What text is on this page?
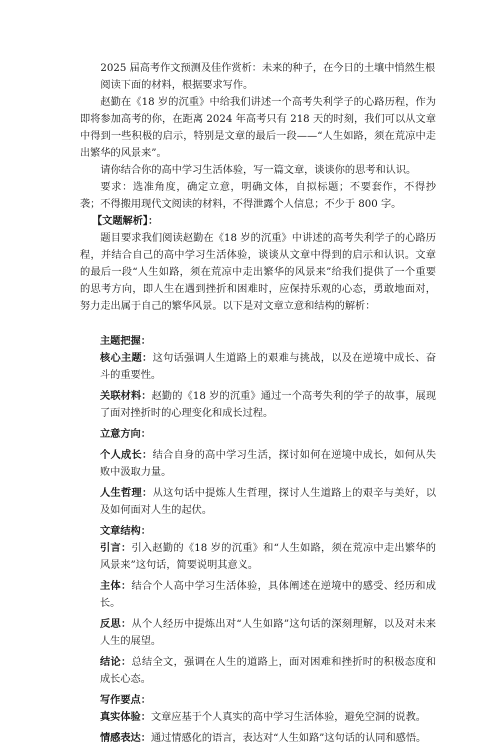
2025 届高考作文预测及佳作赏析：未来的种子，在今日的土壤中悄然生根

阅读下面的材料，根据要求写作。

赵勤在《18 岁的沉重》中给我们讲述一个高考失利学子的心路历程，作为即将参加高考的你，在距离 2024 年高考只有 218 天的时刻，我们可以从文章中得到一些积极的启示，特别是文章的最后一段——“人生如路，须在荒凉中走出繁华的风景来”。

请你结合你的高中学习生活体验，写一篇文章，谈谈你的思考和认识。

要求：选准角度，确定立意，明确文体，自拟标题；不要套作，不得抄袭；不得搬用现代文阅读的材料，不得泄露个人信息；不少于 800 字。

【文题解析】：

题目要求我们阅读赵勤在《18 岁的沉重》中讲述的高考失利学子的心路历程，并结合自己的高中学习生活体验，谈谈从文章中得到的启示和认识。文章的最后一段“人生如路，须在荒凉中走出繁华的风景来”给我们提供了一个重要的思考方向，即人生在遇到挫折和困难时，应保持乐观的心态，勇敢地面对，努力走出属于自己的繁华风景。以下是对文章立意和结构的解析：

主题把握：

核心主题：这句话强调人生道路上的艰难与挑战，以及在逆境中成长、奋斗的重要性。

关联材料：赵勤的《18 岁的沉重》通过一个高考失利的学子的故事，展现了面对挫折时的心理变化和成长过程。

立意方向：

个人成长：结合自身的高中学习生活，探讨如何在逆境中成长，如何从失败中汲取力量。

人生哲理：从这句话中提炼人生哲理，探讨人生道路上的艰辛与美好，以及如何面对人生的起伏。

文章结构：

引言：引入赵勤的《18 岁的沉重》和“人生如路，须在荒凉中走出繁华的风景来”这句话，简要说明其意义。

主体：结合个人高中学习生活体验，具体阐述在逆境中的感受、经历和成长。

反思：从个人经历中提炼出对“人生如路”这句话的深刻理解，以及对未来人生的展望。

结论：总结全文，强调在人生的道路上，面对困难和挫折时的积极态度和成长心态。

写作要点：

真实体验：文章应基于个人真实的高中学习生活体验，避免空洞的说教。

情感表达：通过情感化的语言，表达对“人生如路”这句话的认同和感悟。
